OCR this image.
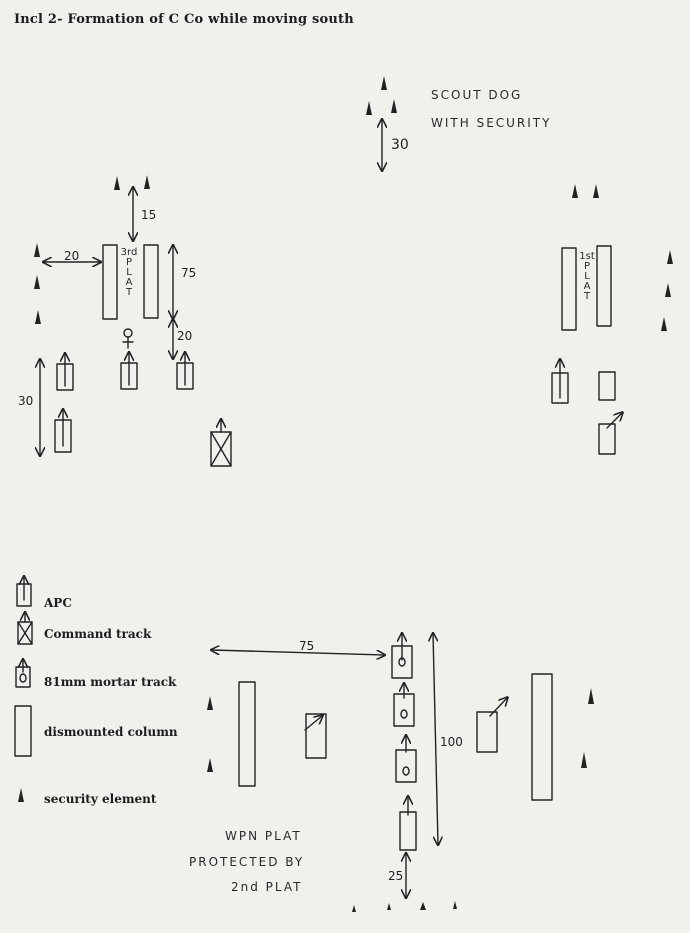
Incl 2- Formation of C Co while moving south
SCOUT DOG
WITH SECURITY
30
15
20
75
20
30
75
100
25
3rd
P
L
A
T
1st
P
L
A
T
WPN PLAT
PROTECTED BY
2nd PLAT
APC
Command track
81mm mortar track
dismounted column
security element
